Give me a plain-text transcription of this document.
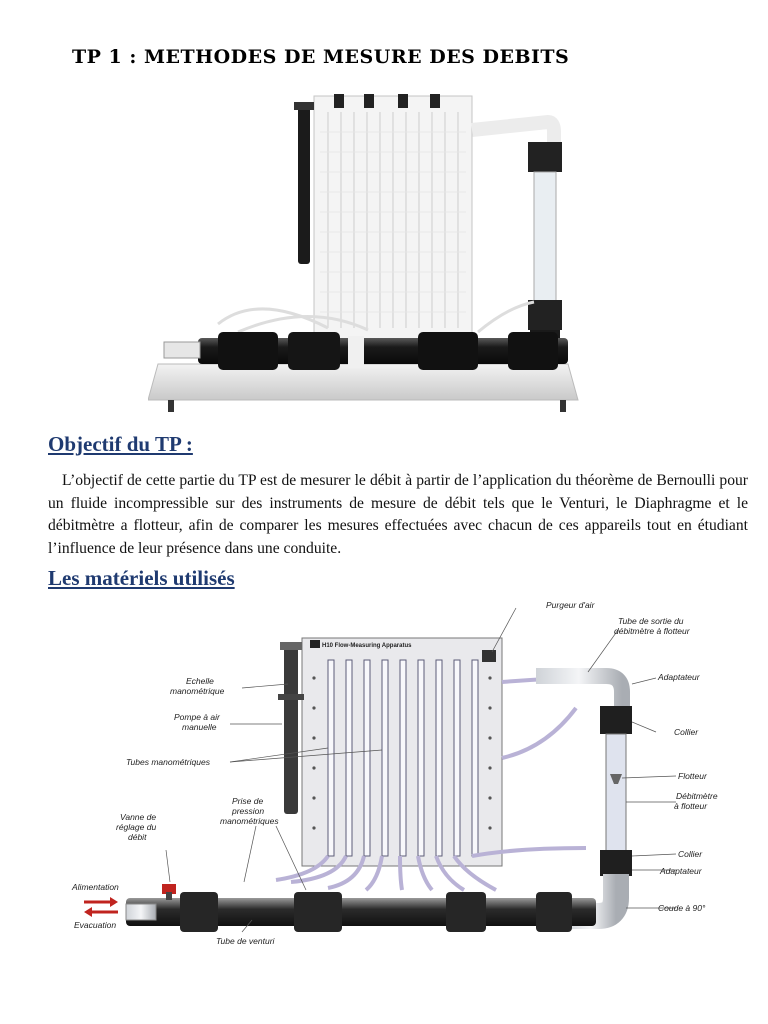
TP 1 : METHODES DE MESURE DES DEBITS
Objectif du TP :
L’objectif de cette partie du TP est de mesurer le débit à partir de l’application du théorème de Bernoulli pour un fluide incompressible sur des instruments de mesure de débit tels que le Venturi, le Diaphragme et le débitmètre a flotteur, afin de comparer les mesures effectuées avec chacun de ces appareils tout en étudiant l’influence de leur présence dans une conduite.
Les matériels utilisés
H10 Flow-Measuring Apparatus
Purgeur d'air
Tube de sortie du
débitmètre à flotteur
Adaptateur
Collier
Flotteur
Débitmètre
à flotteur
Collier
Adaptateur
Coude à 90°
Echelle
manométrique
Pompe à air
manuelle
Tubes manométriques
Prise de
pression
manométriques
Vanne de
réglage du
débit
Alimentation
Evacuation
Tube de venturi
